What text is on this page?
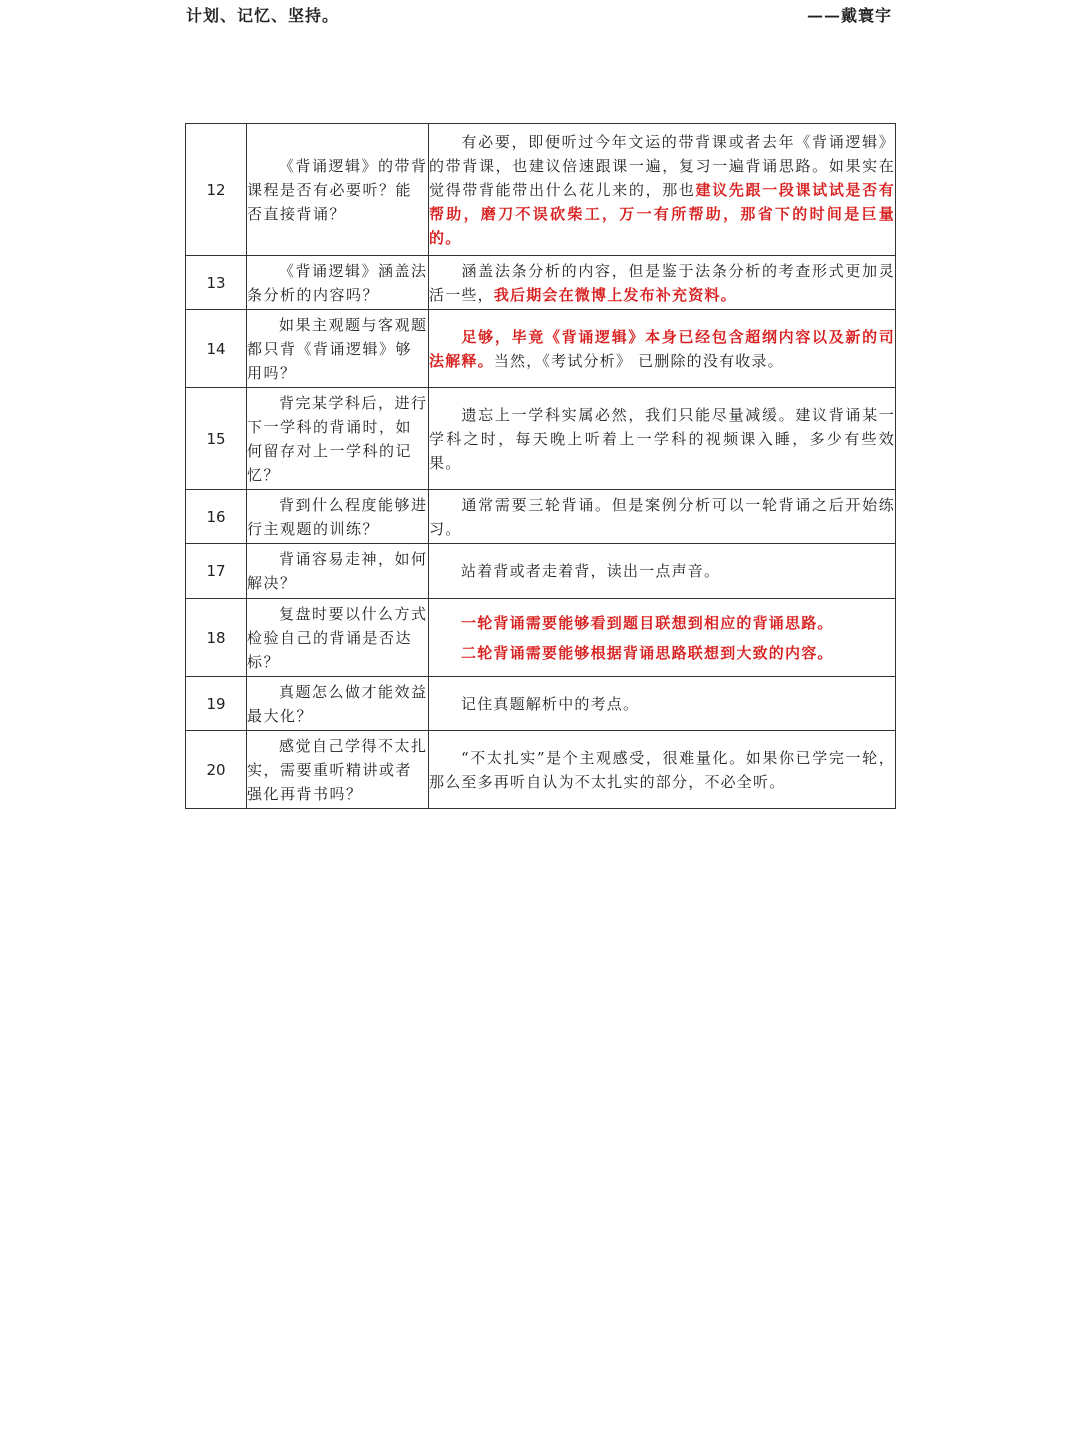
计划、记忆、坚持。	——戴寰宇
12	《背诵逻辑》的带背课程是否有必要听？能否直接背诵？	有必要，即便听过今年文运的带背课或者去年《背诵逻辑》的带背课，也建议倍速跟课一遍，复习一遍背诵思路。如果实在觉得带背能带出什么花儿来的，那也建议先跟一段课试试是否有帮助，磨刀不误砍柴工，万一有所帮助，那省下的时间是巨量的。
13	《背诵逻辑》涵盖法条分析的内容吗？	涵盖法条分析的内容，但是鉴于法条分析的考查形式更加灵活一些，我后期会在微博上发布补充资料。
14	如果主观题与客观题都只背《背诵逻辑》够用吗？	足够，毕竟《背诵逻辑》本身已经包含超纲内容以及新的司法解释。当然，《考试分析》 已删除的没有收录。
15	背完某学科后，进行下一学科的背诵时，如何留存对上一学科的记忆？	遗忘上一学科实属必然，我们只能尽量减缓。建议背诵某一学科之时，每天晚上听着上一学科的视频课入睡，多少有些效果。
16	背到什么程度能够进行主观题的训练？	通常需要三轮背诵。但是案例分析可以一轮背诵之后开始练习。
17	背诵容易走神，如何解决？	站着背或者走着背，读出一点声音。
18	复盘时要以什么方式检验自己的背诵是否达标？	一轮背诵需要能够看到题目联想到相应的背诵思路。
二轮背诵需要能够根据背诵思路联想到大致的内容。

19	真题怎么做才能效益最大化？	记住真题解析中的考点。
20	感觉自己学得不太扎实，需要重听精讲或者强化再背书吗？	“不太扎实”是个主观感受，很难量化。如果你已学完一轮，那么至多再听自认为不太扎实的部分，不必全听。
